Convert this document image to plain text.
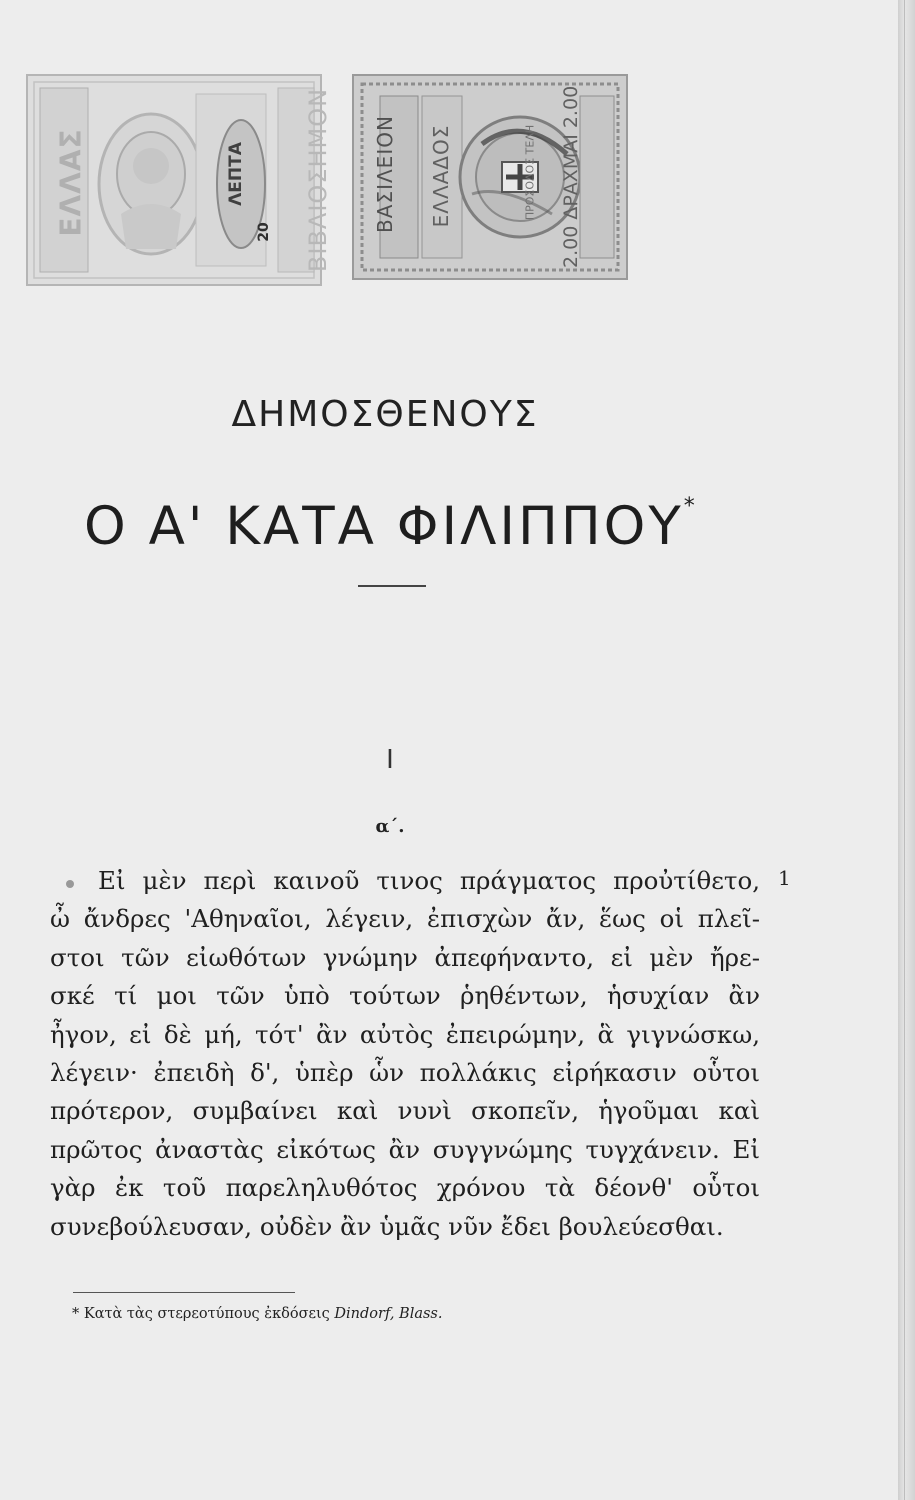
ΕΛΛΑΣ	ΛΕΠΤΑ
20 ΒΙΒΛΙΟΣΗΜΟΝ ΒΑΣΙΛΕΙΟΝ ΕΛΛΑΔΟΣ	ΠΡΟΣΟΔΟΣ ΤΕΛΗ 2.00 ΔΡΑΧΜΑΙ 2.00
ΔΗΜΟΣΘΕΝΟΥΣ
Ο Α' ΚΑΤΑ ΦΙΛΙΠΠΟΥ*
I
α΄.
1
Εἰ μὲν περὶ καινοῦ τινος πράγματος προὐτίθετο,
ὦ ἄνδρες 'Αθηναῖοι, λέγειν, ἐπισχὼν ἄν, ἕως οἱ πλεῖ-
στοι τῶν εἰωθότων γνώμην ἀπεφήναντο, εἰ μὲν ἤρε-
σκέ τί μοι τῶν ὑπὸ τούτων ῥηθέντων, ἡσυχίαν ἂν
ἦγον, εἰ δὲ μή, τότ' ἂν αὐτὸς ἐπειρώμην, ἃ γιγνώσκω,
λέγειν· ἐπειδὴ δ', ὑπὲρ ὧν πολλάκις εἰρήκασιν οὗτοι
πρότερον, συμβαίνει καὶ νυνὶ σκοπεῖν, ἡγοῦμαι καὶ
πρῶτος ἀναστὰς εἰκότως ἂν συγγνώμης τυγχάνειν. Εἰ
γὰρ ἐκ τοῦ παρεληλυθότος χρόνου τὰ δέονθ' οὗτοι
συνεβούλευσαν, οὐδὲν ἂν ὑμᾶς νῦν ἔδει βουλεύεσθαι.
* Κατὰ τὰς στερεοτύπους ἐκδόσεις Dindorf, Blass.
